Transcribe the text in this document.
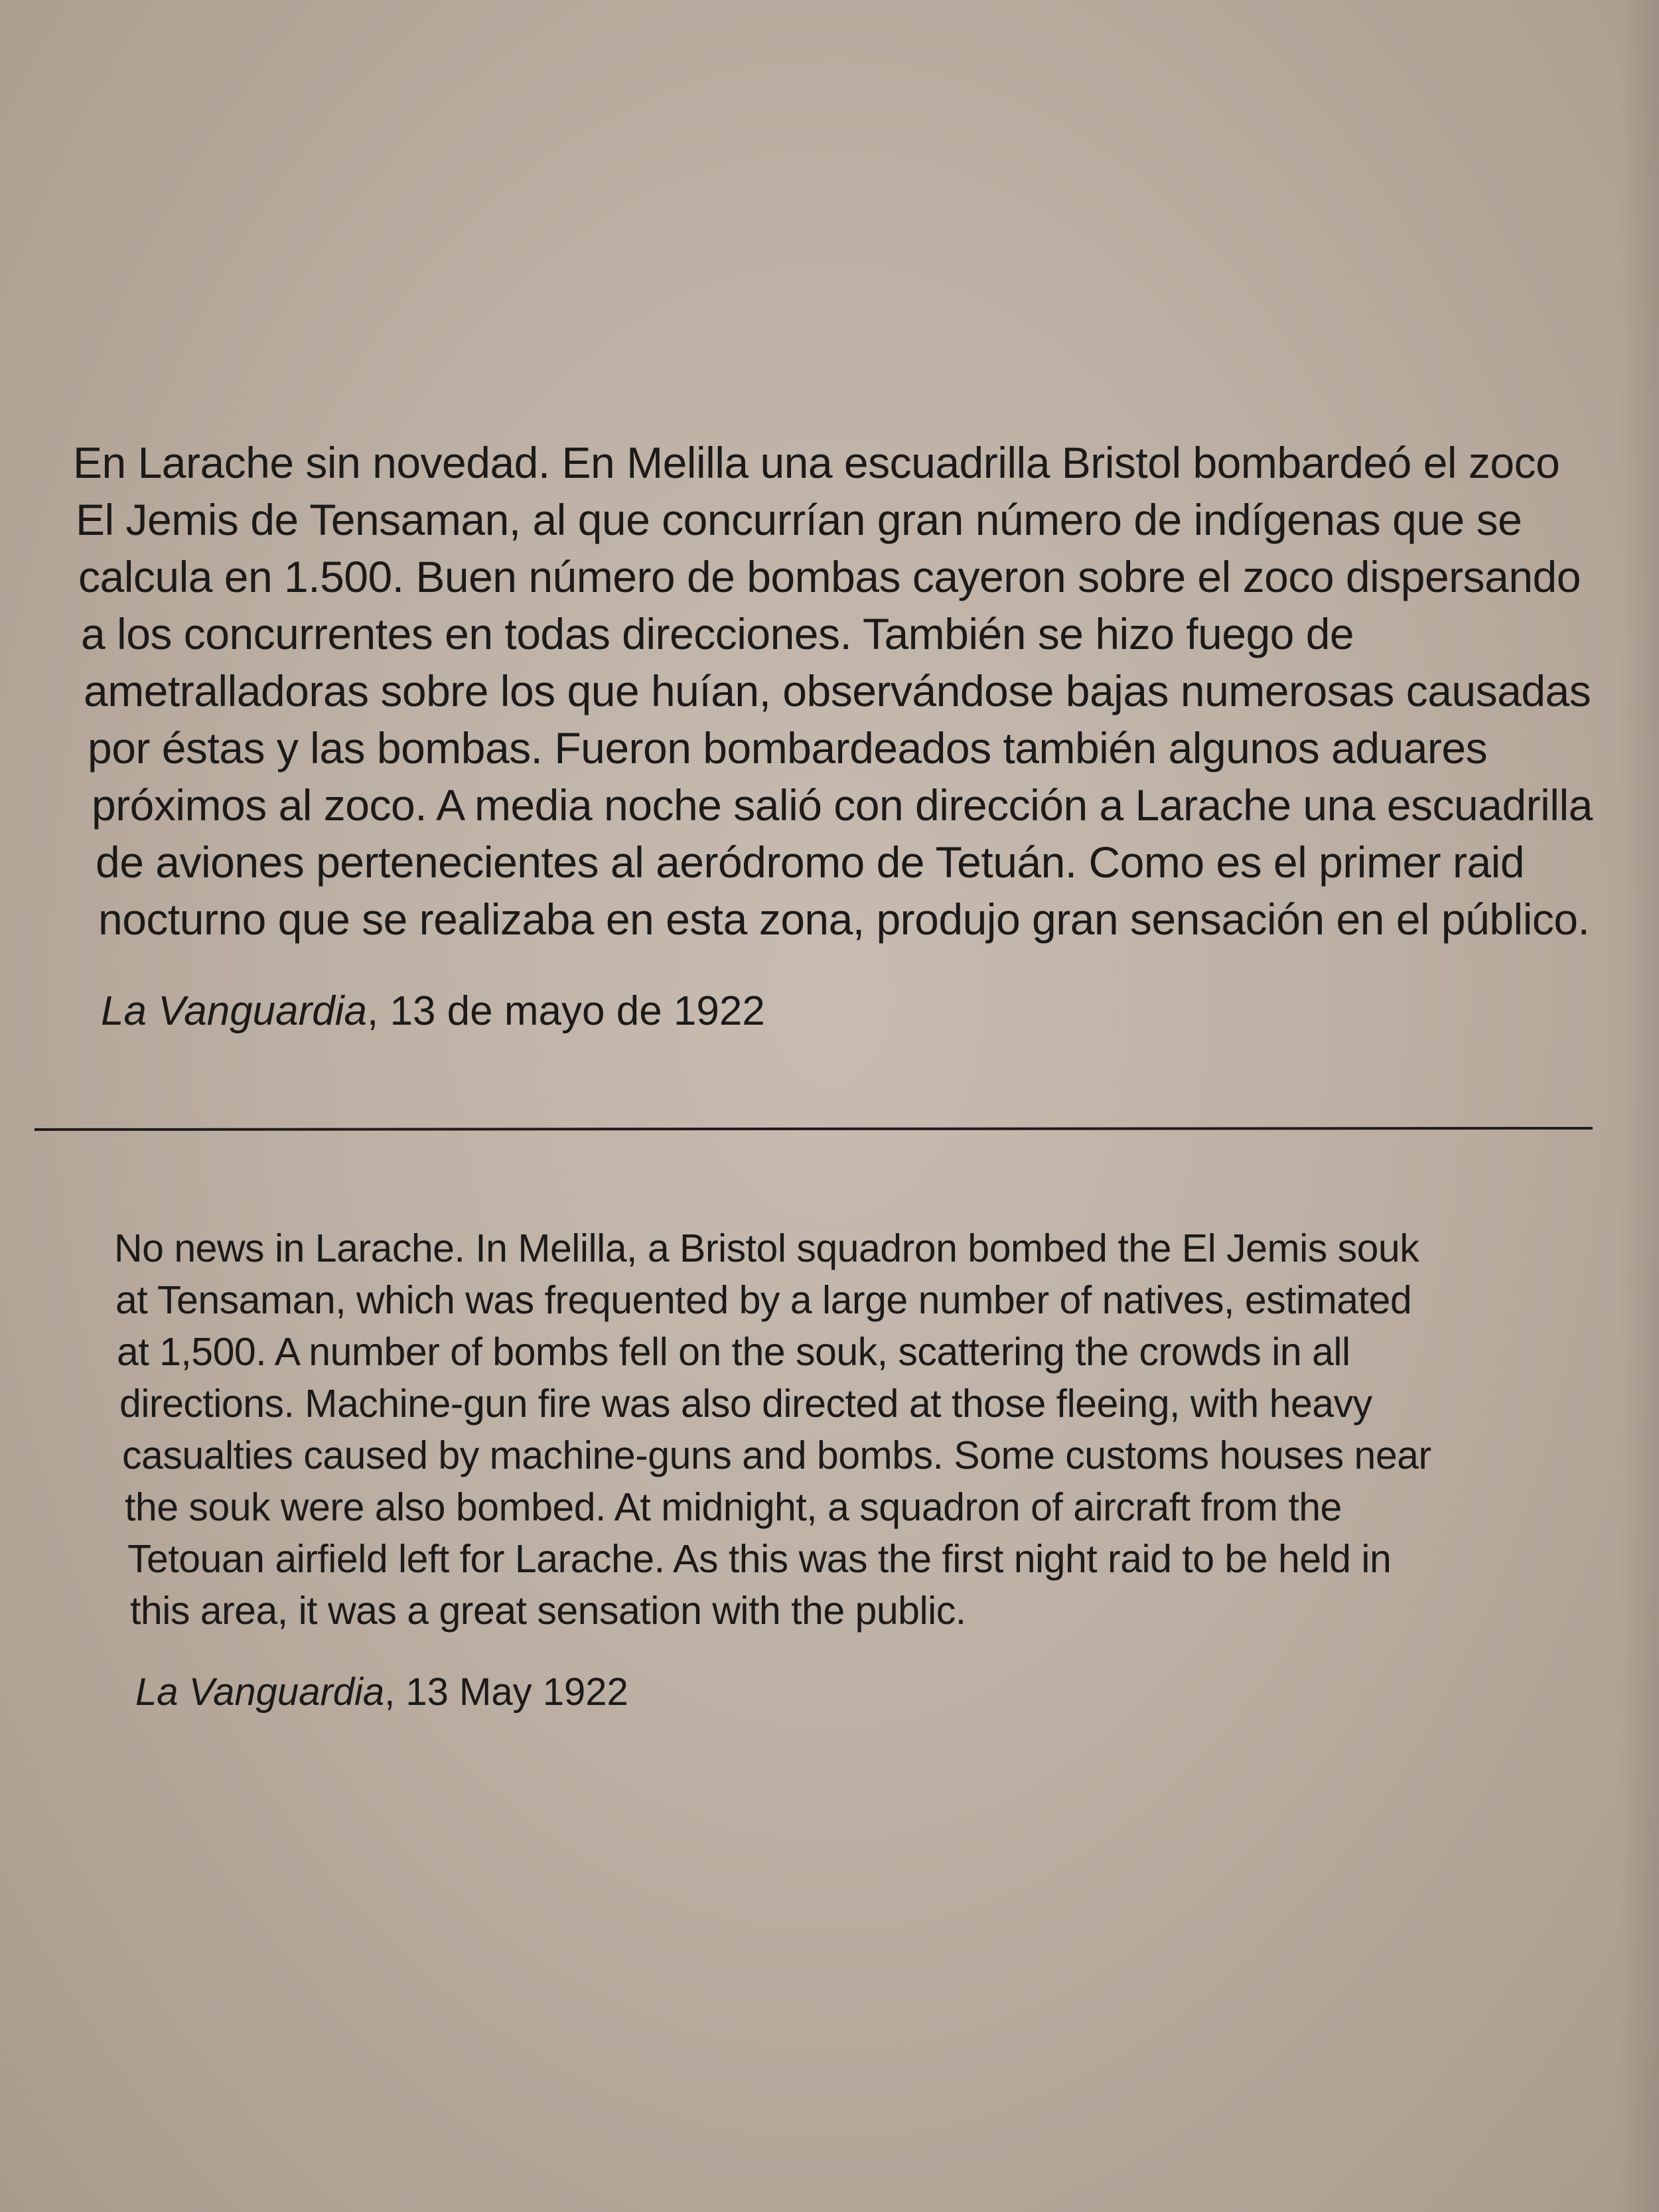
En Larache sin novedad. En Melilla una escuadrilla Bristol bombardeó el zoco
El Jemis de Tensaman, al que concurrían gran número de indígenas que se
calcula en 1.500. Buen número de bombas cayeron sobre el zoco dispersando
a los concurrentes en todas direcciones. También se hizo fuego de
ametralladoras sobre los que huían, observándose bajas numerosas causadas
por éstas y las bombas. Fueron bombardeados también algunos aduares
próximos al zoco. A media noche salió con dirección a Larache una escuadrilla
de aviones pertenecientes al aeródromo de Tetuán. Como es el primer raid
nocturno que se realizaba en esta zona, produjo gran sensación en el público.
La Vanguardia, 13 de mayo de 1922
No news in Larache. In Melilla, a Bristol squadron bombed the El Jemis souk
at Tensaman, which was frequented by a large number of natives, estimated
at 1,500. A number of bombs fell on the souk, scattering the crowds in all
directions. Machine-gun fire was also directed at those fleeing, with heavy
casualties caused by machine-guns and bombs. Some customs houses near
the souk were also bombed. At midnight, a squadron of aircraft from the
Tetouan airfield left for Larache. As this was the first night raid to be held in
this area, it was a great sensation with the public.
La Vanguardia, 13 May 1922
